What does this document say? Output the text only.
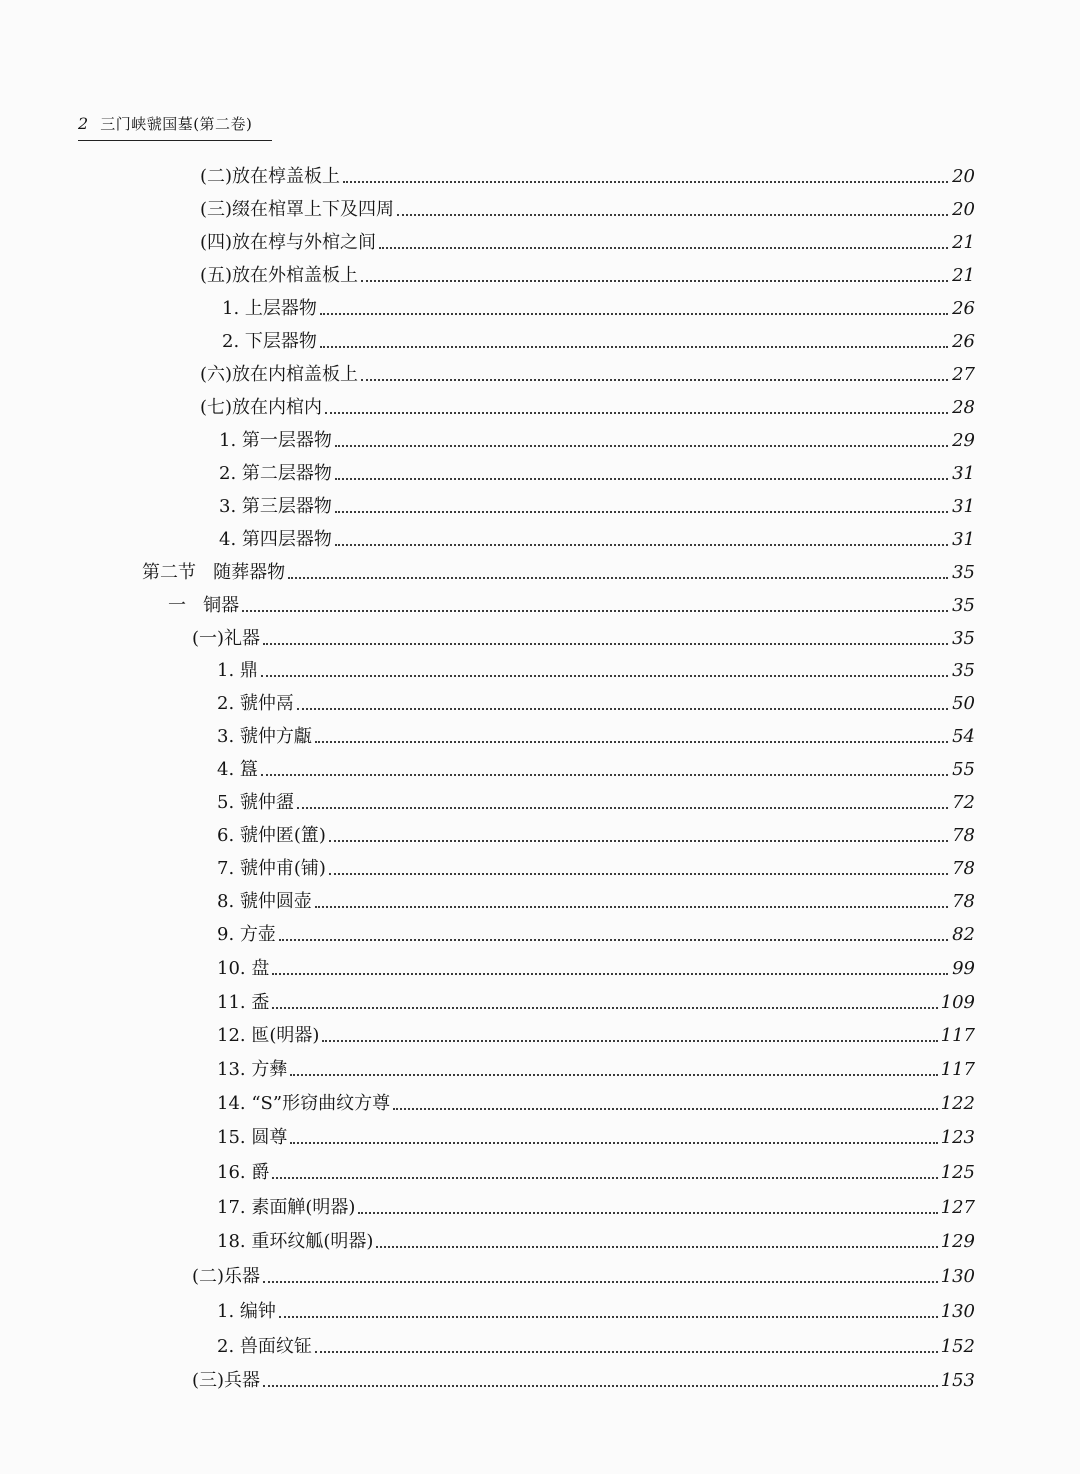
2 三门峡虢国墓(第二卷)
(二)放在椁盖板上	20
(三)缀在棺罩上下及四周	20
(四)放在椁与外棺之间	21
(五)放在外棺盖板上	21
1. 上层器物	26
2. 下层器物	26
(六)放在内棺盖板上	27
(七)放在内棺内	28
1. 第一层器物	29
2. 第二层器物	31
3. 第三层器物	31
4. 第四层器物	31
第二节   随葬器物	35
一   铜器	35
(一)礼器	35
1. 鼎	35
2. 虢仲鬲	50
3. 虢仲方甗	54
4. 簋	55
5. 虢仲盨	72
6. 虢仲匿(簠)	78
7. 虢仲甫(铺)	78
8. 虢仲圆壶	78
9. 方壶	82
10. 盘	99
11. 盉	109
12. 匜(明器)	117
13. 方彝	117
14. “S”形窃曲纹方尊	122
15. 圆尊	123
16. 爵	125
17. 素面觯(明器)	127
18. 重环纹觚(明器)	129
(二)乐器	130
1. 编钟	130
2. 兽面纹钲	152
(三)兵器	153
